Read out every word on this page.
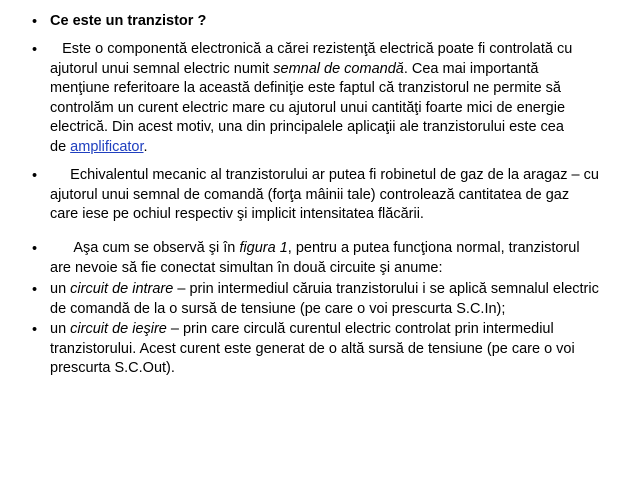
• Ce este un tranzistor ?
• Este o componentă electronică a cărei rezistenţă electrică poate fi controlată cu
ajutorul unui semnal electric numit semnal de comandă. Cea mai importantă
menţiune referitoare la această definiţie este faptul că tranzistorul ne permite să
controlăm un curent electric mare cu ajutorul unui cantităţi foarte mici de energie
electrică. Din acest motiv, una din principalele aplicaţii ale tranzistorului este cea
de amplificator.
• Echivalentul mecanic al tranzistorului ar putea fi robinetul de gaz de la aragaz – cu
ajutorul unui semnal de comandă (forţa mâinii tale) controlează cantitatea de gaz
care iese pe ochiul respectiv şi implicit intensitatea flăcării.
• Aşa cum se observă şi în figura 1, pentru a putea funcţiona normal, tranzistorul
are nevoie să fie conectat simultan în două circuite şi anume:
• un circuit de intrare – prin intermediul căruia tranzistorului i se aplică semnalul electric
de comandă de la o sursă de tensiune (pe care o voi prescurta S.C.In);
• un circuit de ieşire – prin care circulă curentul electric controlat prin intermediul
tranzistorului. Acest curent este generat de o altă sursă de tensiune (pe care o voi
prescurta S.C.Out).
